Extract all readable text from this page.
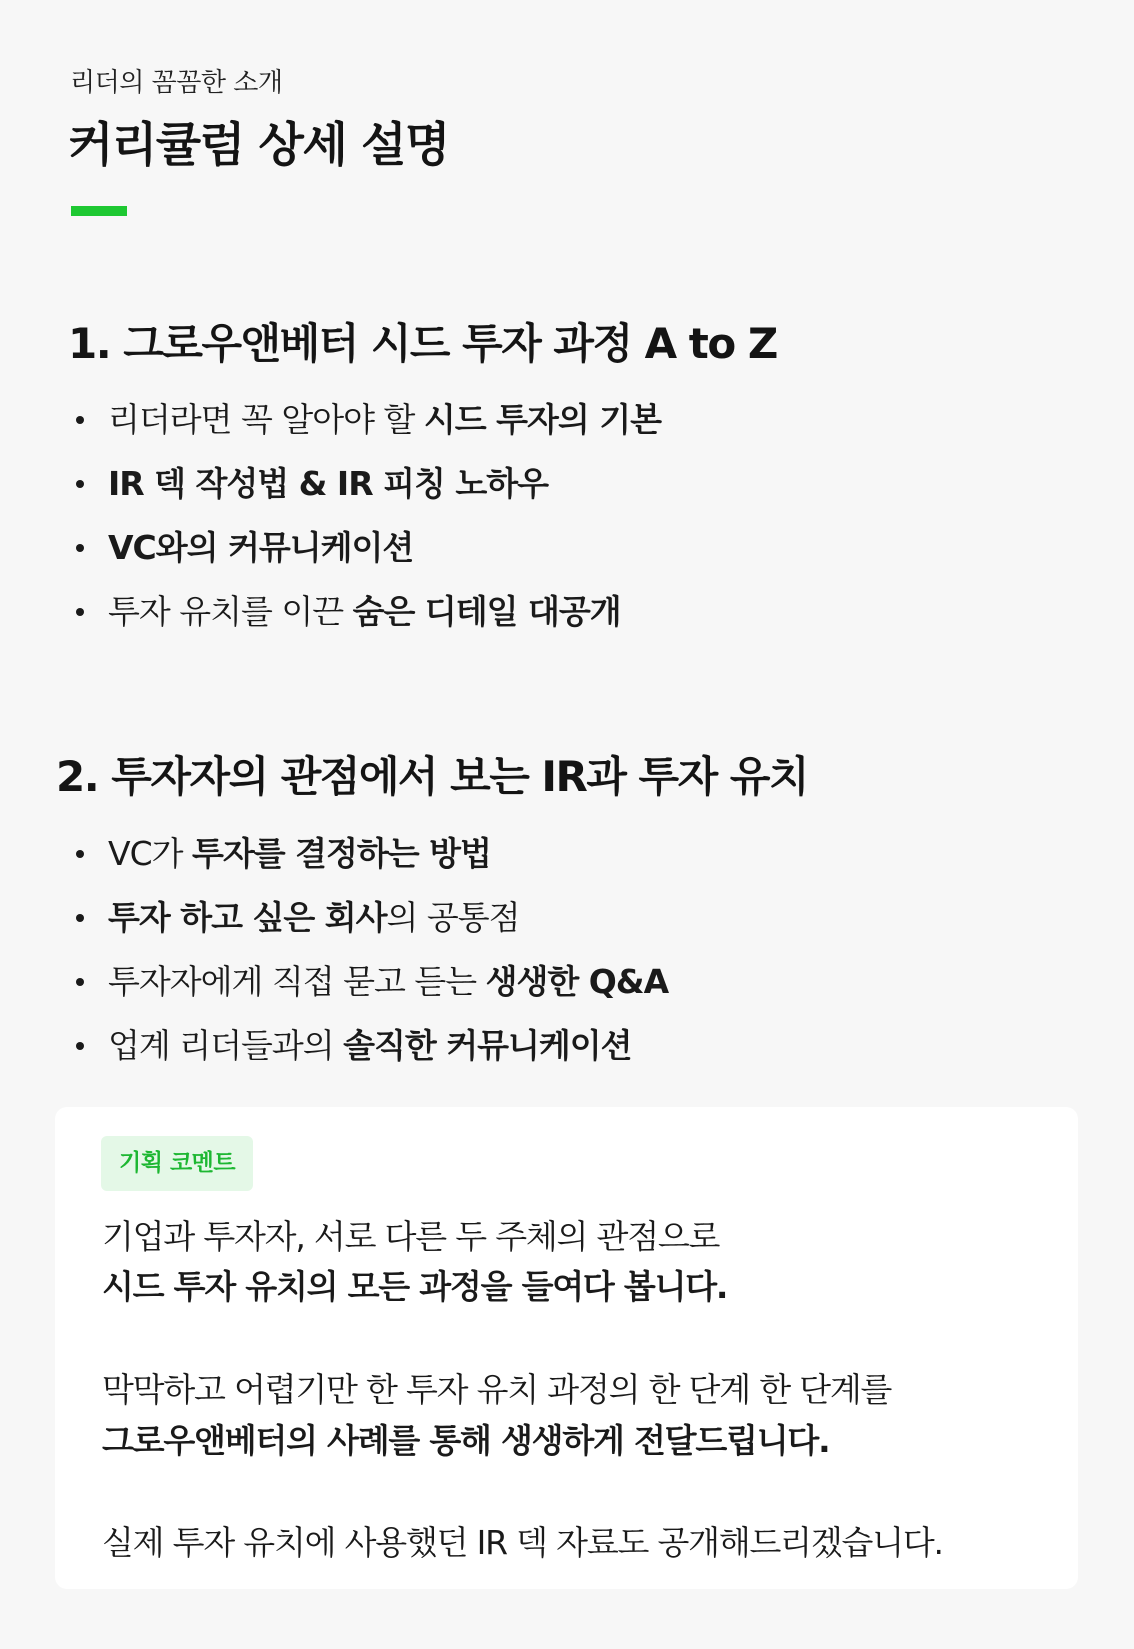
리더의 꼼꼼한 소개
커리큘럼 상세 설명
1. 그로우앤베터 시드 투자 과정 A to Z
리더라면 꼭 알아야 할 시드 투자의 기본
IR 덱 작성법 & IR 피칭 노하우
VC와의 커뮤니케이션
투자 유치를 이끈 숨은 디테일 대공개
2. 투자자의 관점에서 보는 IR과 투자 유치
VC가 투자를 결정하는 방법
투자 하고 싶은 회사의 공통점
투자자에게 직접 묻고 듣는 생생한 Q&A
업계 리더들과의 솔직한 커뮤니케이션
기획 코멘트
기업과 투자자, 서로 다른 두 주체의 관점으로
시드 투자 유치의 모든 과정을 들여다 봅니다.
막막하고 어렵기만 한 투자 유치 과정의 한 단계 한 단계를
그로우앤베터의 사례를 통해 생생하게 전달드립니다.
실제 투자 유치에 사용했던 IR 덱 자료도 공개해드리겠습니다.
